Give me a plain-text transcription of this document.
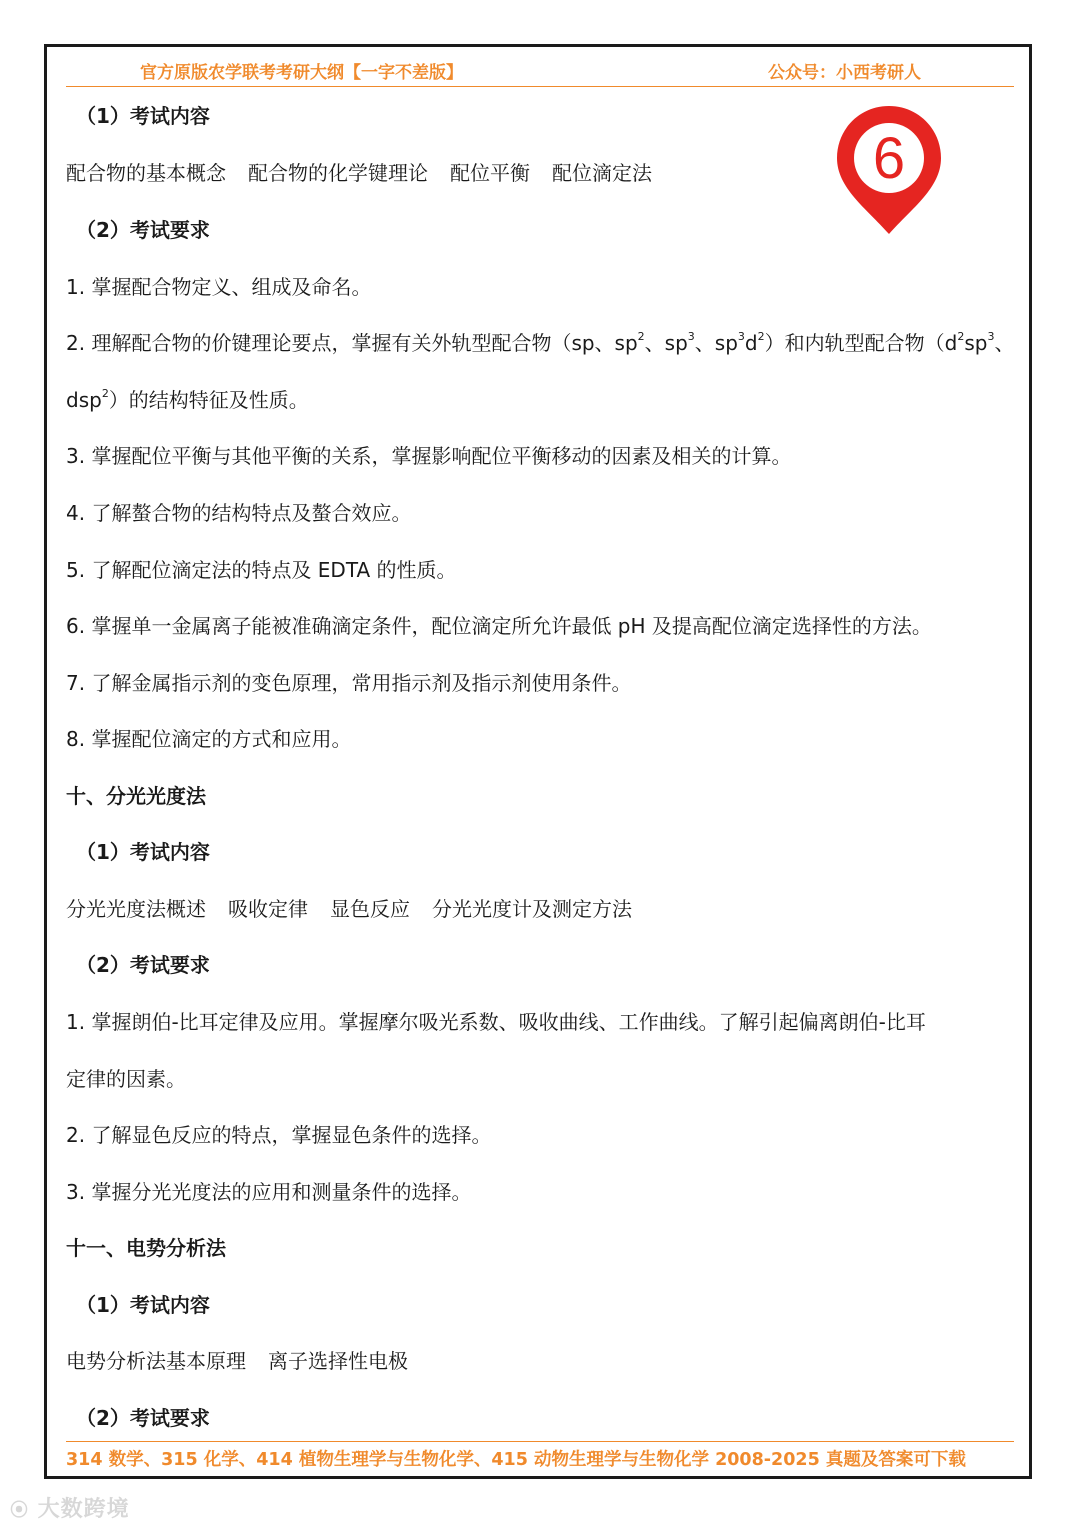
官方原版农学联考考研大纲【一字不差版】	公众号：小西考研人
6
（1）考试内容
配合物的基本概念 配合物的化学键理论 配位平衡 配位滴定法
（2）考试要求
1. 掌握配合物定义、组成及命名。
2. 理解配合物的价键理论要点，掌握有关外轨型配合物（sp、$sp^2$、$sp^3$、$sp^3d^2$）和内轨型配合物（$d^2sp^3$、
dsp$^2$）的结构特征及性质。
3. 掌握配位平衡与其他平衡的关系，掌握影响配位平衡移动的因素及相关的计算。
4. 了解螯合物的结构特点及螯合效应。
5. 了解配位滴定法的特点及 EDTA 的性质。
6. 掌握单一金属离子能被准确滴定条件，配位滴定所允许最低 pH 及提高配位滴定选择性的方法。
7. 了解金属指示剂的变色原理，常用指示剂及指示剂使用条件。
8. 掌握配位滴定的方式和应用。
十、分光光度法
（1）考试内容
分光光度法概述 吸收定律 显色反应 分光光度计及测定方法
（2）考试要求
1. 掌握朗伯-比耳定律及应用。掌握摩尔吸光系数、吸收曲线、工作曲线。了解引起偏离朗伯-比耳
定律的因素。
2. 了解显色反应的特点，掌握显色条件的选择。
3. 掌握分光光度法的应用和测量条件的选择。
十一、电势分析法
（1）考试内容
电势分析法基本原理 离子选择性电极
（2）考试要求
314 数学、315 化学、414 植物生理学与生物化学、415 动物生理学与生物化学 2008-2025 真题及答案可下载
⦿ 大数跨境
